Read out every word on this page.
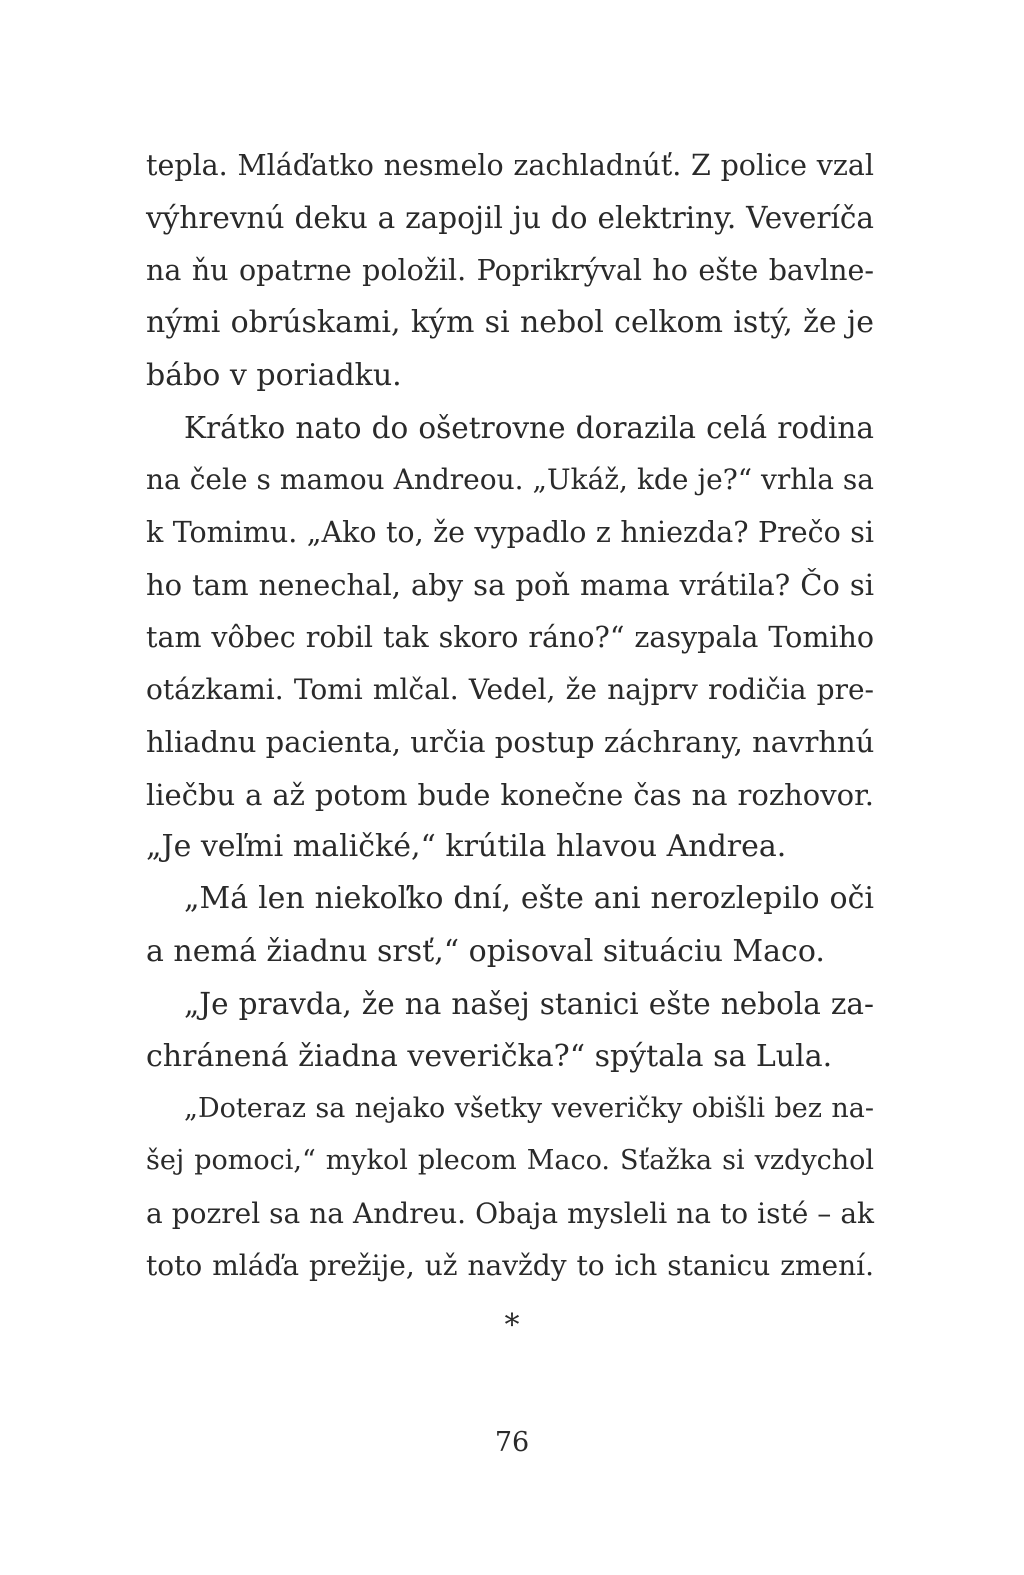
tepla. Mláďatko nesmelo zachladnúť. Z police vzal
výhrevnú deku a zapojil ju do elektriny. Veveríča
na ňu opatrne položil. Poprikrýval ho ešte bavlne-
nými obrúskami, kým si nebol celkom istý, že je
bábo v poriadku.
Krátko nato do ošetrovne dorazila celá rodina
na čele s mamou Andreou. „Ukáž, kde je?“ vrhla sa
k Tomimu. „Ako to, že vypadlo z hniezda? Prečo si
ho tam nenechal, aby sa poň mama vrátila? Čo si
tam vôbec robil tak skoro ráno?“ zasypala Tomiho
otázkami. Tomi mlčal. Vedel, že najprv rodičia pre-
hliadnu pacienta, určia postup záchrany, navrhnú
liečbu a až potom bude konečne čas na rozhovor.
„Je veľmi maličké,“ krútila hlavou Andrea.
„Má len niekoľko dní, ešte ani nerozlepilo oči
a nemá žiadnu srsť,“ opisoval situáciu Maco.
„Je pravda, že na našej stanici ešte nebola za-
chránená žiadna veverička?“ spýtala sa Lula.
„Doteraz sa nejako všetky veveričky obišli bez na-
šej pomoci,“ mykol plecom Maco. Sťažka si vzdychol
a pozrel sa na Andreu. Obaja mysleli na to isté – ak
toto mláďa prežije, už navždy to ich stanicu zmení.
*
76
